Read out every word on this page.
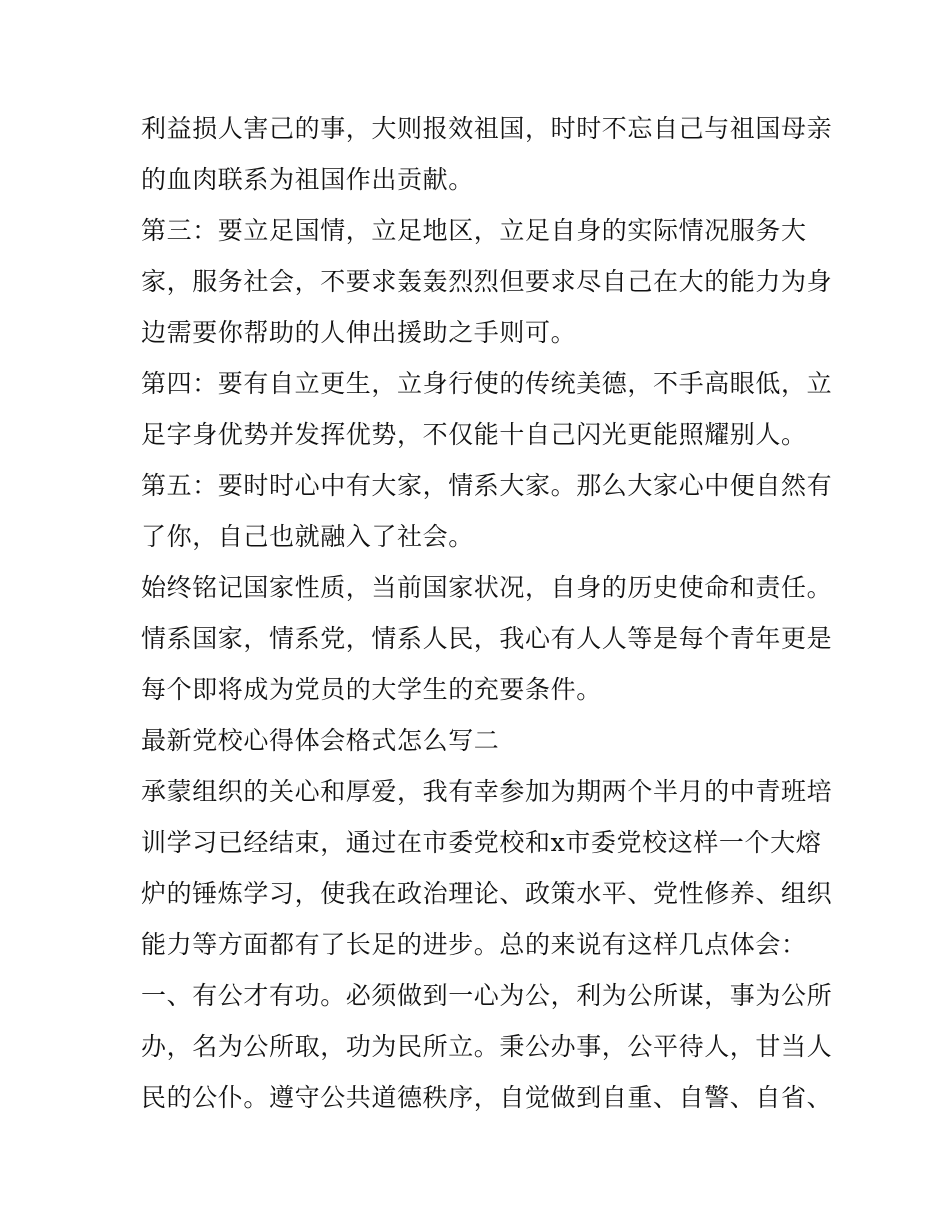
利益损人害己的事，大则报效祖国，时时不忘自己与祖国母亲
的血肉联系为祖国作出贡献。
第三：要立足国情，立足地区，立足自身的实际情况服务大
家，服务社会，不要求轰轰烈烈但要求尽自己在大的能力为身
边需要你帮助的人伸出援助之手则可。
第四：要有自立更生，立身行使的传统美德，不手高眼低，立
足字身优势并发挥优势，不仅能十自己闪光更能照耀别人。
第五：要时时心中有大家，情系大家。那么大家心中便自然有
了你，自己也就融入了社会。
始终铭记国家性质，当前国家状况，自身的历史使命和责任。
情系国家，情系党，情系人民，我心有人人等是每个青年更是
每个即将成为党员的大学生的充要条件。
最新党校心得体会格式怎么写二
承蒙组织的关心和厚爱，我有幸参加为期两个半月的中青班培
训学习已经结束，通过在市委党校和x市委党校这样一个大熔
炉的锤炼学习，使我在政治理论、政策水平、党性修养、组织
能力等方面都有了长足的进步。总的来说有这样几点体会：
一、有公才有功。必须做到一心为公，利为公所谋，事为公所
办，名为公所取，功为民所立。秉公办事，公平待人，甘当人
民的公仆。遵守公共道德秩序，自觉做到自重、自警、自省、
